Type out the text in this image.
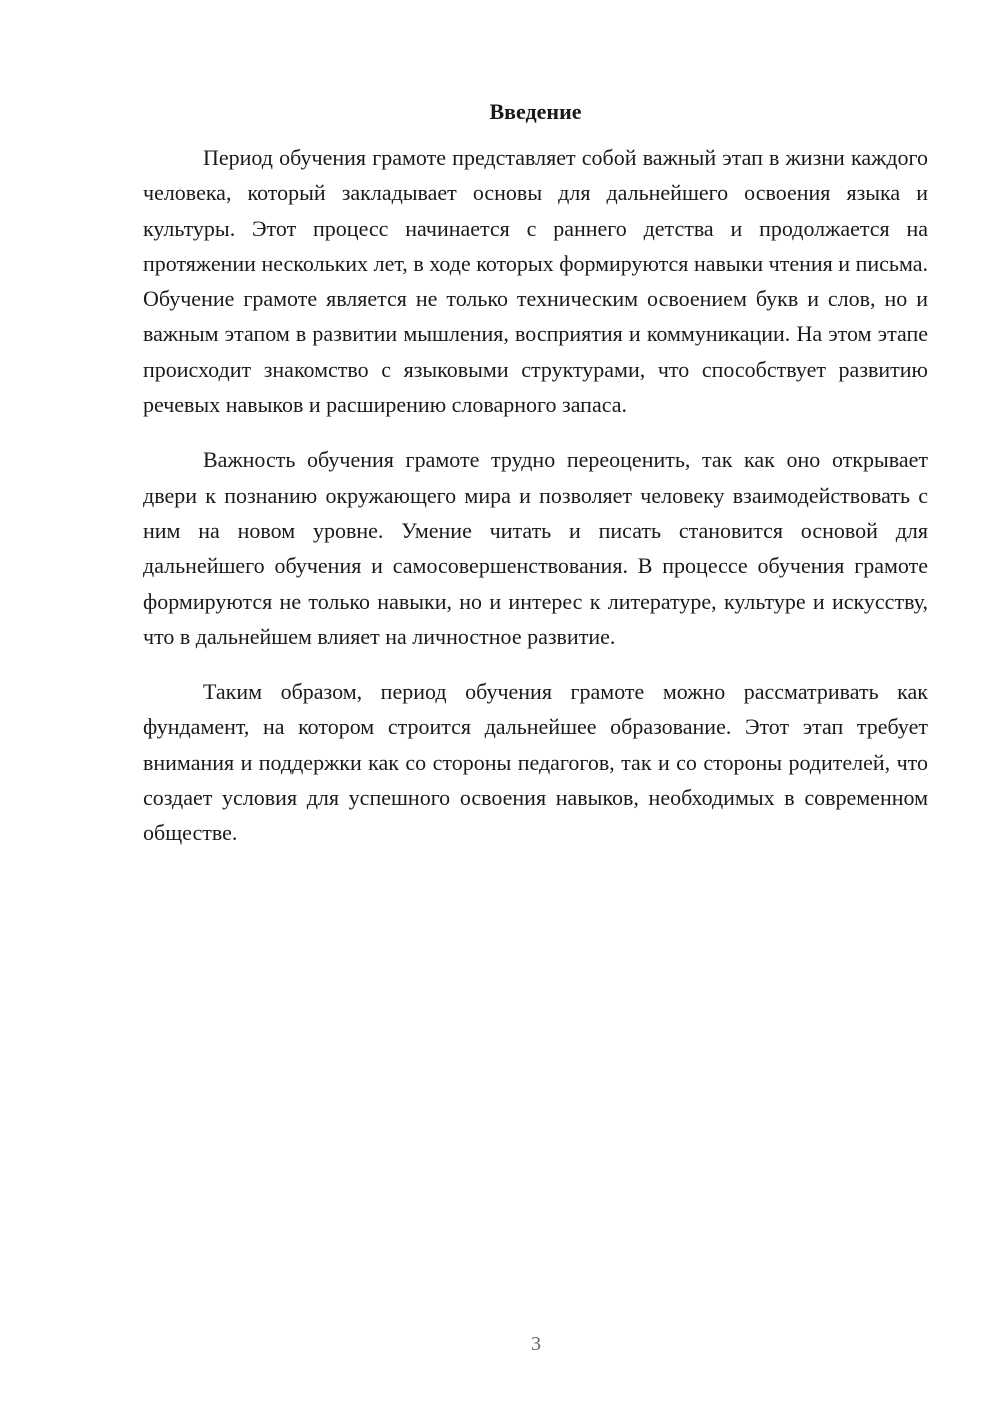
Введение

Период обучения грамоте представляет собой важный этап в жизни каждого человека, который закладывает основы для дальнейшего освоения языка и культуры. Этот процесс начинается с раннего детства и продолжается на протяжении нескольких лет, в ходе которых формируются навыки чтения и письма. Обучение грамоте является не только техническим освоением букв и слов, но и важным этапом в развитии мышления, восприятия и коммуникации. На этом этапе происходит знакомство с языковыми структурами, что способствует развитию речевых навыков и расширению словарного запаса.

Важность обучения грамоте трудно переоценить, так как оно открывает двери к познанию окружающего мира и позволяет человеку взаимодействовать с ним на новом уровне. Умение читать и писать становится основой для дальнейшего обучения и самосовершенствования. В процессе обучения грамоте формируются не только навыки, но и интерес к литературе, культуре и искусству, что в дальнейшем влияет на личностное развитие.

Таким образом, период обучения грамоте можно рассматривать как фундамент, на котором строится дальнейшее образование. Этот этап требует внимания и поддержки как со стороны педагогов, так и со стороны родителей, что создает условия для успешного освоения навыков, необходимых в современном обществе.

3
